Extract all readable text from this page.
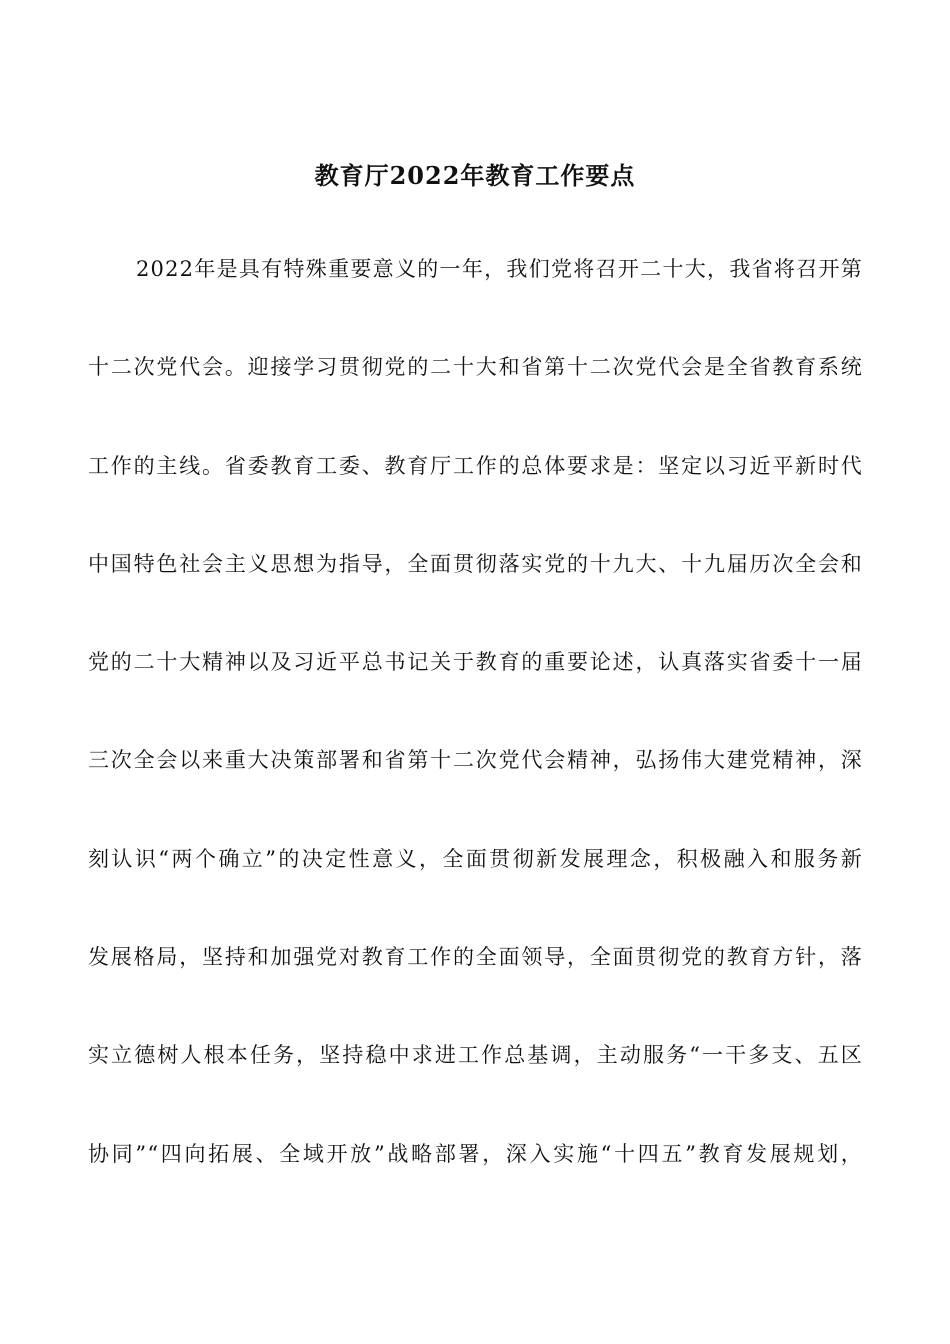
教育厅2022年教育工作要点
2022年是具有特殊重要意义的一年，我们党将召开二十大，我省将召开第
十二次党代会。迎接学习贯彻党的二十大和省第十二次党代会是全省教育系统
工作的主线。省委教育工委、教育厅工作的总体要求是：坚定以习近平新时代
中国特色社会主义思想为指导，全面贯彻落实党的十九大、十九届历次全会和
党的二十大精神以及习近平总书记关于教育的重要论述，认真落实省委十一届
三次全会以来重大决策部署和省第十二次党代会精神，弘扬伟大建党精神，深
刻认识“两个确立”的决定性意义，全面贯彻新发展理念，积极融入和服务新
发展格局，坚持和加强党对教育工作的全面领导，全面贯彻党的教育方针，落
实立德树人根本任务，坚持稳中求进工作总基调，主动服务“一干多支、五区
协同”“四向拓展、全域开放”战略部署，深入实施“十四五”教育发展规划，
